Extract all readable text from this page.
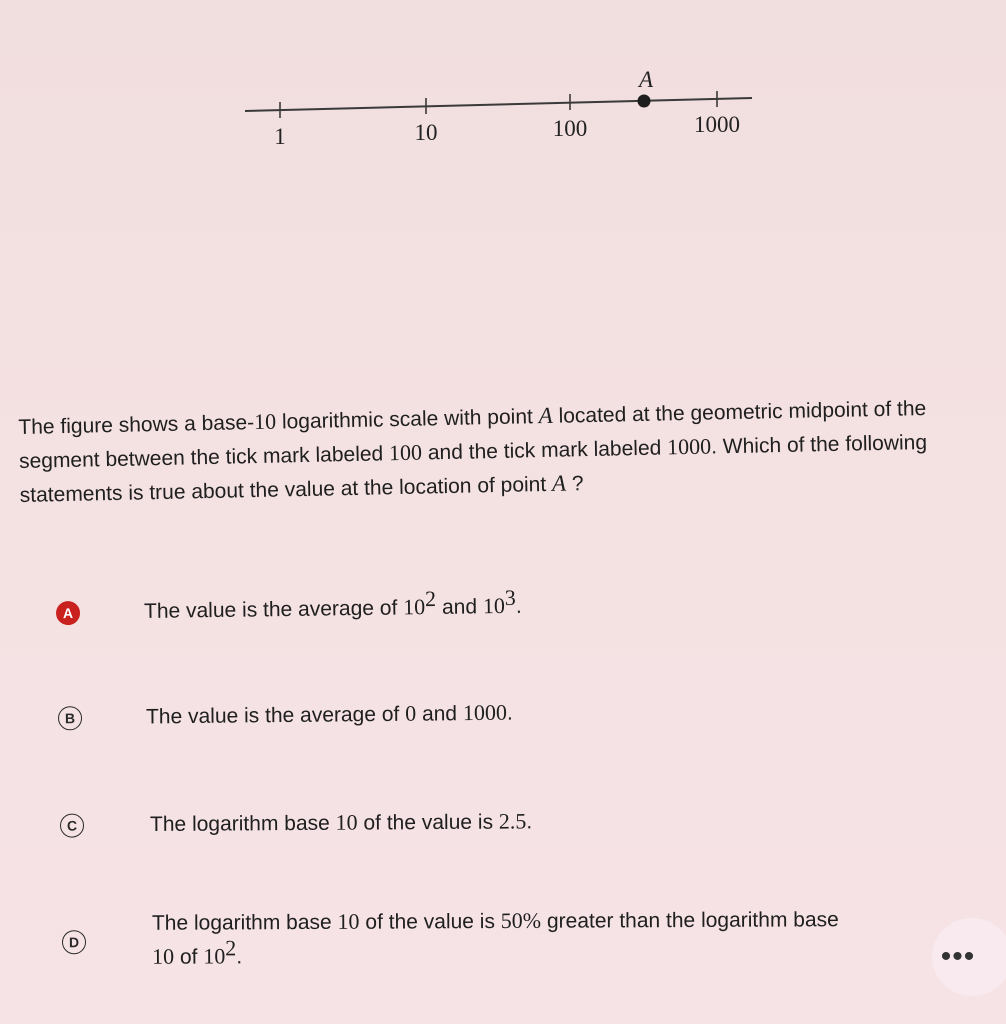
A
1	10	100	1000
The figure shows a base-10 logarithmic scale with point A located at the geometric midpoint of the segment between the tick mark labeled 100 and the tick mark labeled 1000. Which of the following statements is true about the value at the location of point A ?
A	The value is the average of $10^2$ and $10^3$.
B	The value is the average of 0 and 1000.
C	The logarithm base 10 of the value is 2.5.
D
The logarithm base 10 of the value is 50% greater than the logarithm base
10 of $10^2$.	•••
